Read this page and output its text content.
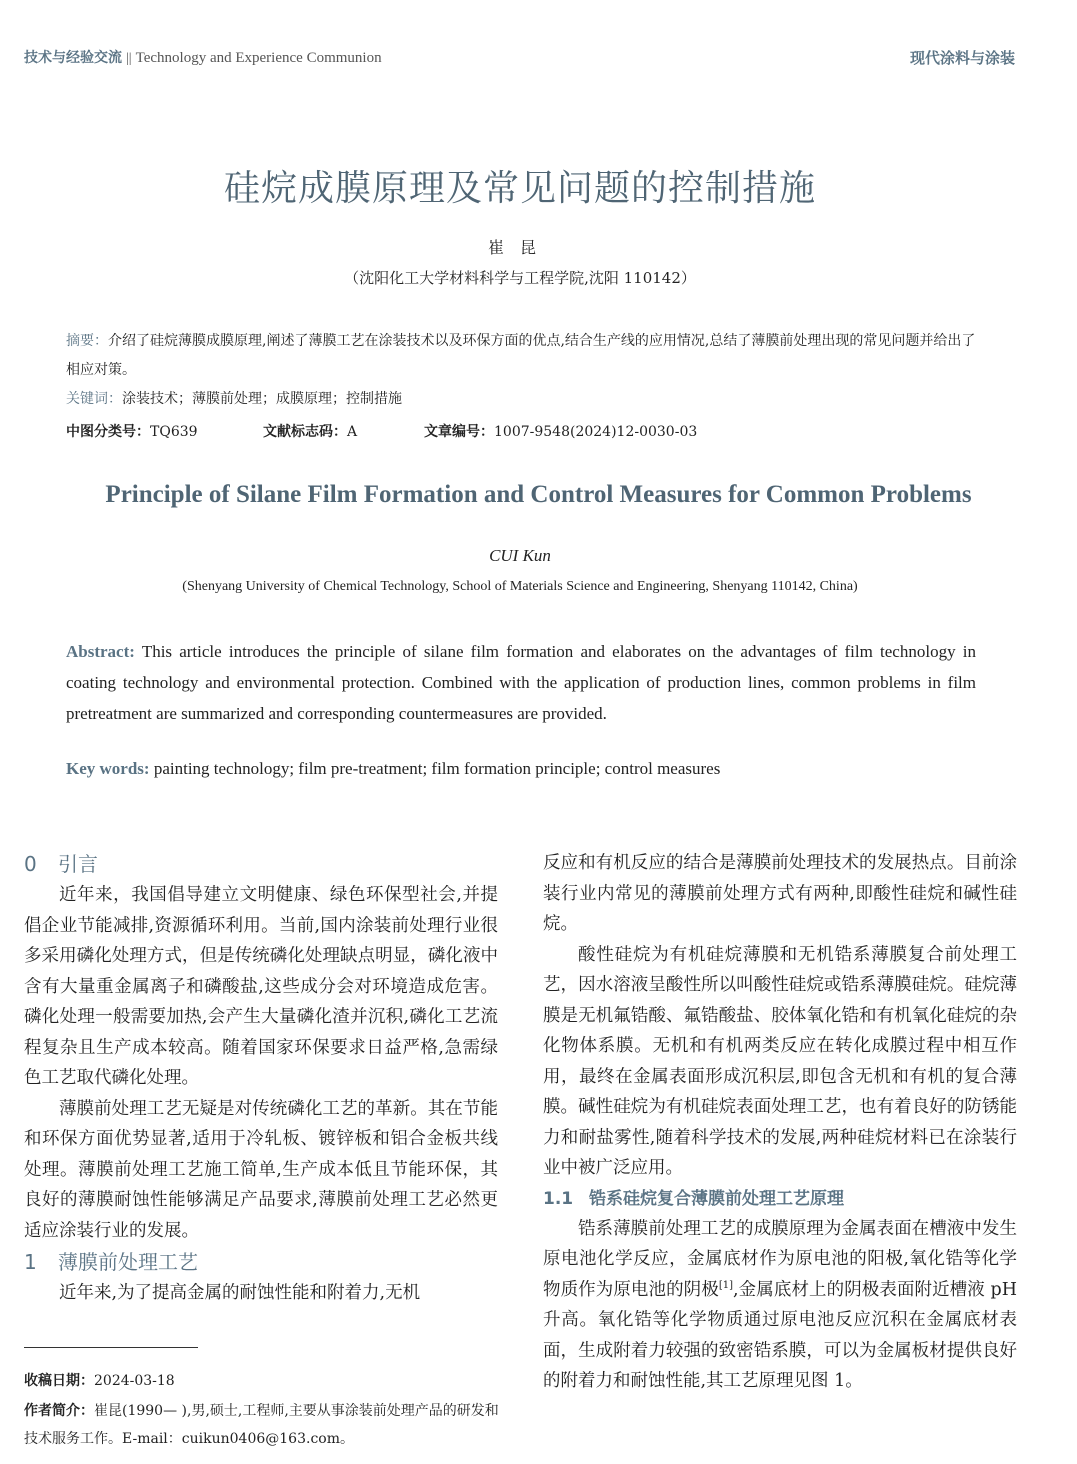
技术与经验交流 || Technology and Experience Communion	现代涂料与涂装
硅烷成膜原理及常见问题的控制措施
崔昆
（沈阳化工大学材料科学与工程学院,沈阳 110142）
摘要：介绍了硅烷薄膜成膜原理,阐述了薄膜工艺在涂装技术以及环保方面的优点,结合生产线的应用情况,总结了薄膜前处理出现的常见问题并给出了相应对策。
关键词：涂装技术；薄膜前处理；成膜原理；控制措施
中图分类号：TQ639	文献标志码：A	文章编号：1007-9548(2024)12-0030-03
Principle of Silane Film Formation and Control Measures for Common Problems
CUI Kun
(Shenyang University of Chemical Technology, School of Materials Science and Engineering, Shenyang 110142, China)
Abstract: This article introduces the principle of silane film formation and elaborates on the advantages of film technology in coating technology and environmental protection. Combined with the application of production lines, common problems in film pretreatment are summarized and corresponding countermeasures are provided.
Key words: painting technology; film pre-treatment; film formation principle; control measures
0 引言

近年来，我国倡导建立文明健康、绿色环保型社会,并提倡企业节能减排,资源循环利用。当前,国内涂装前处理行业很多采用磷化处理方式，但是传统磷化处理缺点明显，磷化液中含有大量重金属离子和磷酸盐,这些成分会对环境造成危害。磷化处理一般需要加热,会产生大量磷化渣并沉积,磷化工艺流程复杂且生产成本较高。随着国家环保要求日益严格,急需绿色工艺取代磷化处理。

薄膜前处理工艺无疑是对传统磷化工艺的革新。其在节能和环保方面优势显著,适用于冷轧板、镀锌板和铝合金板共线处理。薄膜前处理工艺施工简单,生产成本低且节能环保，其良好的薄膜耐蚀性能够满足产品要求,薄膜前处理工艺必然更适应涂装行业的发展。

1 薄膜前处理工艺

近年来,为了提高金属的耐蚀性能和附着力,无机

反应和有机反应的结合是薄膜前处理技术的发展热点。目前涂装行业内常见的薄膜前处理方式有两种,即酸性硅烷和碱性硅烷。

酸性硅烷为有机硅烷薄膜和无机锆系薄膜复合前处理工艺，因水溶液呈酸性所以叫酸性硅烷或锆系薄膜硅烷。硅烷薄膜是无机氟锆酸、氟锆酸盐、胶体氧化锆和有机氧化硅烷的杂化物体系膜。无机和有机两类反应在转化成膜过程中相互作用，最终在金属表面形成沉积层,即包含无机和有机的复合薄膜。碱性硅烷为有机硅烷表面处理工艺，也有着良好的防锈能力和耐盐雾性,随着科学技术的发展,两种硅烷材料已在涂装行业中被广泛应用。

1.1 锆系硅烷复合薄膜前处理工艺原理

锆系薄膜前处理工艺的成膜原理为金属表面在槽液中发生原电池化学反应，金属底材作为原电池的阳极,氧化锆等化学物质作为原电池的阴极[1],金属底材上的阴极表面附近槽液 pH 升高。氧化锆等化学物质通过原电池反应沉积在金属底材表面，生成附着力较强的致密锆系膜，可以为金属板材提供良好的附着力和耐蚀性能,其工艺原理见图 1。

收稿日期：2024-03-18
作者简介：崔昆(1990— ),男,硕士,工程师,主要从事涂装前处理产品的研发和技术服务工作。E-mail：cuikun0406@163.com。
